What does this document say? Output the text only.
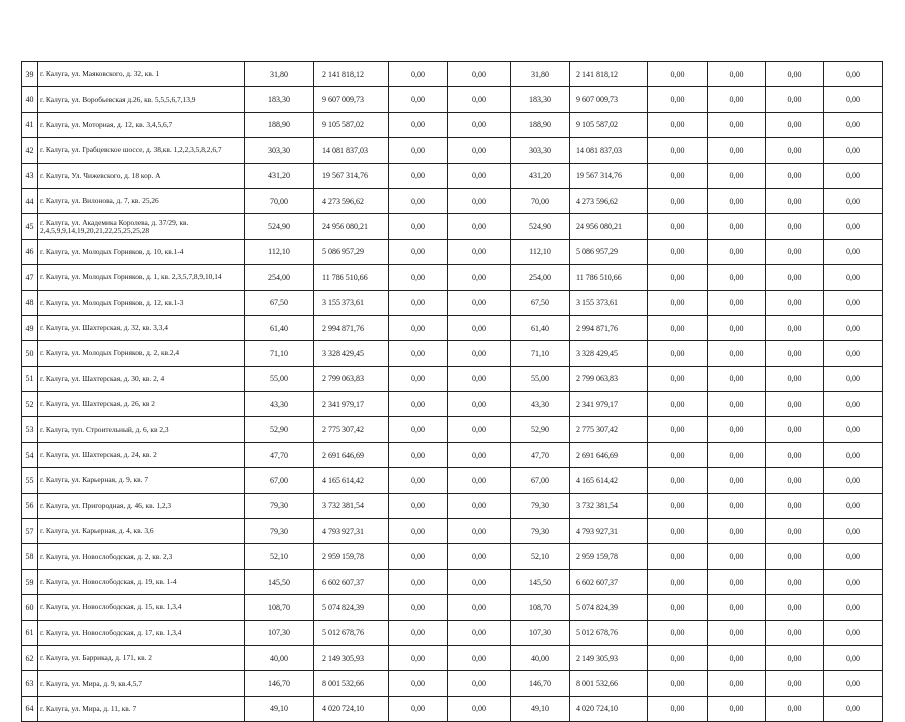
39	г. Калуга, ул. Маяковского, д. 32, кв. 1	31,80	2 141 818,12	0,00	0,00	31,80	2 141 818,12	0,00	0,00	0,00	0,00
40	г. Калуга, ул. Воробьевская д.26, кв. 5,5,5,6,7,13,9	183,30	9 607 009,73	0,00	0,00	183,30	9 607 009,73	0,00	0,00	0,00	0,00
41	г. Калуга, ул. Моторная, д. 12, кв. 3,4,5,6,7	188,90	9 105 587,02	0,00	0,00	188,90	9 105 587,02	0,00	0,00	0,00	0,00
42	г. Калуга, ул. Грабцевское шоссе, д. 38,кв. 1,2,2,3,5,8,2,6,7	303,30	14 081 837,03	0,00	0,00	303,30	14 081 837,03	0,00	0,00	0,00	0,00
43	г. Калуга, Ул. Чижевского, д. 18 кор. А	431,20	19 567 314,76	0,00	0,00	431,20	19 567 314,76	0,00	0,00	0,00	0,00
44	г. Калуга, ул. Вилонова, д. 7, кв. 25,26	70,00	4 273 596,62	0,00	0,00	70,00	4 273 596,62	0,00	0,00	0,00	0,00
45	г. Калуга, ул. Академика Королева, д. 37/29, кв. 2,4,5,9,9,14,19,20,21,22,25,25,25,28	524,90	24 956 080,21	0,00	0,00	524,90	24 956 080,21	0,00	0,00	0,00	0,00
46	г. Калуга, ул. Молодых Горняков, д. 10, кв.1-4	112,10	5 086 957,29	0,00	0,00	112,10	5 086 957,29	0,00	0,00	0,00	0,00
47	г. Калуга, ул. Молодых Горняков, д. 1, кв. 2,3,5,7,8,9,10,14	254,00	11 786 510,66	0,00	0,00	254,00	11 786 510,66	0,00	0,00	0,00	0,00
48	г. Калуга, ул. Молодых Горняков, д. 12, кв.1-3	67,50	3 155 373,61	0,00	0,00	67,50	3 155 373,61	0,00	0,00	0,00	0,00
49	г. Калуга, ул. Шахтерская, д. 32, кв. 3,3,4	61,40	2 994 871,76	0,00	0,00	61,40	2 994 871,76	0,00	0,00	0,00	0,00
50	г. Калуга, ул. Молодых Горняков, д. 2, кв.2,4	71,10	3 328 429,45	0,00	0,00	71,10	3 328 429,45	0,00	0,00	0,00	0,00
51	г. Калуга, ул. Шахтерская, д. 30, кв. 2, 4	55,00	2 799 063,83	0,00	0,00	55,00	2 799 063,83	0,00	0,00	0,00	0,00
52	г. Калуга, ул. Шахтерская, д. 26, кв 2	43,30	2 341 979,17	0,00	0,00	43,30	2 341 979,17	0,00	0,00	0,00	0,00
53	г. Калуга, туп. Строительный, д. 6, кв 2,3	52,90	2 775 307,42	0,00	0,00	52,90	2 775 307,42	0,00	0,00	0,00	0,00
54	г. Калуга, ул. Шахтерская, д. 24, кв. 2	47,70	2 691 646,69	0,00	0,00	47,70	2 691 646,69	0,00	0,00	0,00	0,00
55	г. Калуга, ул. Карьерная, д. 9, кв. 7	67,00	4 165 614,42	0,00	0,00	67,00	4 165 614,42	0,00	0,00	0,00	0,00
56	г. Калуга, ул. Пригородная, д. 46, кв. 1,2,3	79,30	3 732 381,54	0,00	0,00	79,30	3 732 381,54	0,00	0,00	0,00	0,00
57	г. Калуга, ул. Карьерная, д. 4, кв. 3,6	79,30	4 793 927,31	0,00	0,00	79,30	4 793 927,31	0,00	0,00	0,00	0,00
58	г. Калуга, ул. Новослободская, д. 2, кв. 2,3	52,10	2 959 159,78	0,00	0,00	52,10	2 959 159,78	0,00	0,00	0,00	0,00
59	г. Калуга, ул. Новослободская, д. 19, кв. 1-4	145,50	6 602 607,37	0,00	0,00	145,50	6 602 607,37	0,00	0,00	0,00	0,00
60	г. Калуга, ул. Новослободская, д. 15, кв. 1,3,4	108,70	5 074 824,39	0,00	0,00	108,70	5 074 824,39	0,00	0,00	0,00	0,00
61	г. Калуга, ул. Новослободская, д. 17, кв. 1,3,4	107,30	5 012 678,76	0,00	0,00	107,30	5 012 678,76	0,00	0,00	0,00	0,00
62	г. Калуга, ул. Баррикад, д. 171, кв. 2	40,00	2 149 305,93	0,00	0,00	40,00	2 149 305,93	0,00	0,00	0,00	0,00
63	г. Калуга, ул. Мира, д. 9, кв.4,5,7	146,70	8 001 532,66	0,00	0,00	146,70	8 001 532,66	0,00	0,00	0,00	0,00
64	г. Калуга, ул. Мира, д. 11, кв. 7	49,10	4 020 724,10	0,00	0,00	49,10	4 020 724,10	0,00	0,00	0,00	0,00
